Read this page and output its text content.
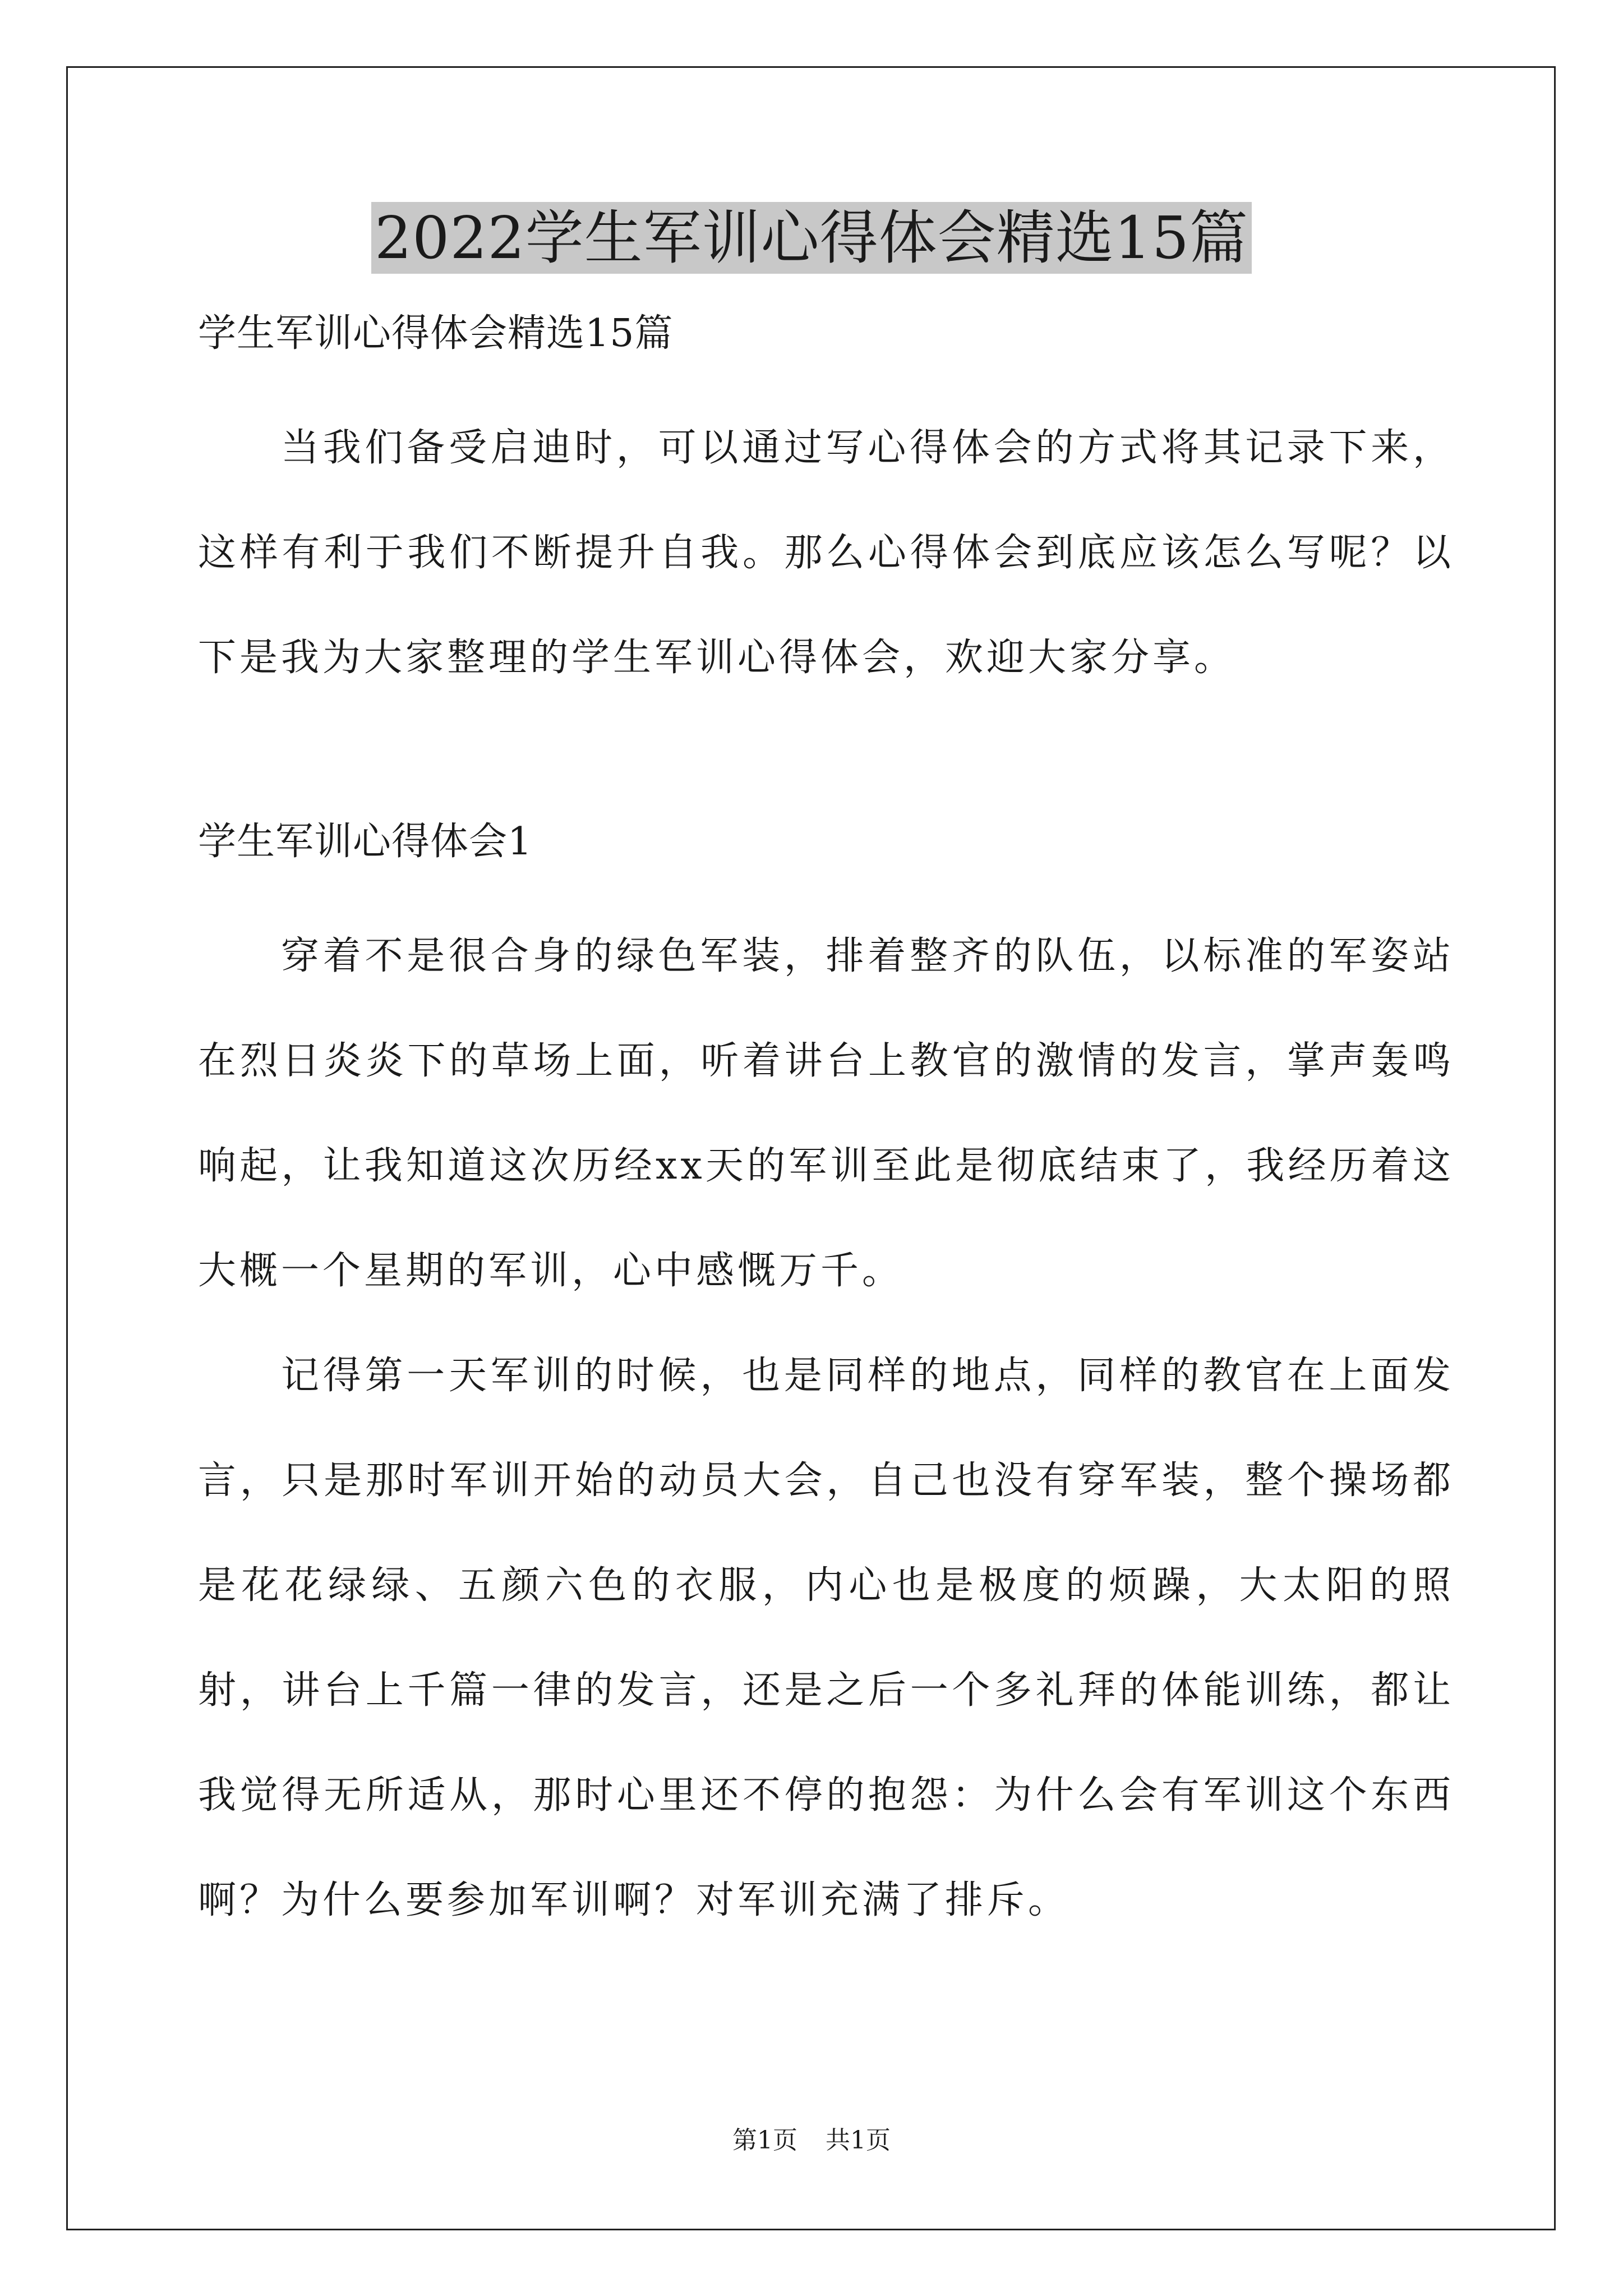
2022学生军训心得体会精选15篇

学生军训心得体会精选15篇

当我们备受启迪时，可以通过写心得体会的方式将其记录下来，这样有利于我们不断提升自我。那么心得体会到底应该怎么写呢？以下是我为大家整理的学生军训心得体会，欢迎大家分享。

学生军训心得体会1

穿着不是很合身的绿色军装，排着整齐的队伍，以标准的军姿站在烈日炎炎下的草场上面，听着讲台上教官的激情的发言，掌声轰鸣响起，让我知道这次历经xx天的军训至此是彻底结束了，我经历着这大概一个星期的军训，心中感慨万千。

记得第一天军训的时候，也是同样的地点，同样的教官在上面发言，只是那时军训开始的动员大会，自己也没有穿军装，整个操场都是花花绿绿、五颜六色的衣服，内心也是极度的烦躁，大太阳的照射，讲台上千篇一律的发言，还是之后一个多礼拜的体能训练，都让我觉得无所适从，那时心里还不停的抱怨：为什么会有军训这个东西啊？为什么要参加军训啊？对军训充满了排斥。

第1页 共1页
